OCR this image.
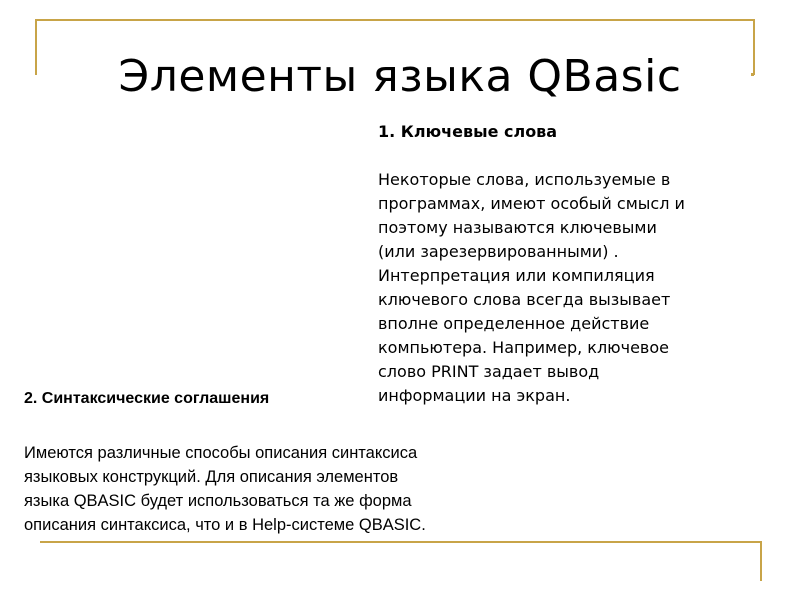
Элементы языка QBasic

1. Ключевые слова

Некоторые слова, используемые в
программах, имеют особый смысл и
поэтому называются ключевыми
(или зарезервированными) .
Интерпретация или компиляция
ключевого слова всегда вызывает
вполне определенное действие
компьютера. Например, ключевое
слово PRINT задает вывод
информации на экран.

2. Синтаксические соглашения

Имеются различные способы описания синтаксиса
языковых конструкций. Для описания элементов
языка QBASIC будет использоваться та же форма
описания синтаксиса, что и в Help-системе QBASIC.
